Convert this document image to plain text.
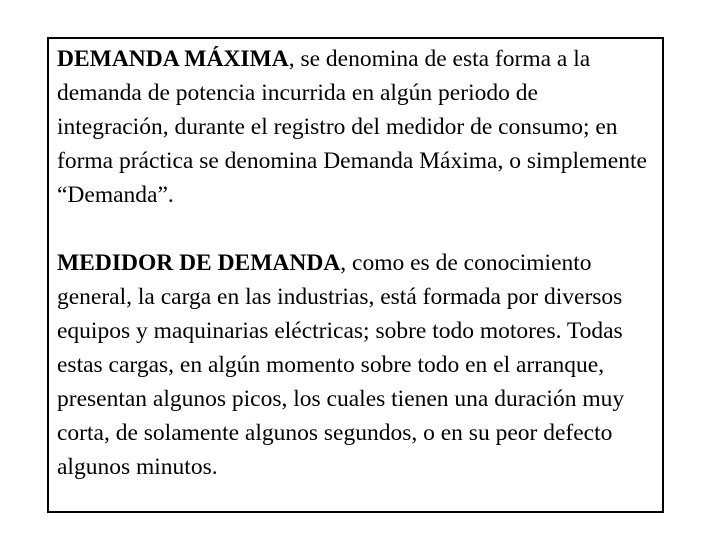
DEMANDA MÁXIMA, se denomina de esta forma a la demanda de potencia incurrida en algún periodo de integración, durante el registro del medidor de consumo; en forma práctica se denomina Demanda Máxima, o simplemente “Demanda”.

MEDIDOR DE DEMANDA, como es de conocimiento general, la carga en las industrias, está formada por diversos equipos y maquinarias eléctricas; sobre todo motores. Todas estas cargas, en algún momento sobre todo en el arranque, presentan algunos picos, los cuales tienen una duración muy corta, de solamente algunos segundos, o en su peor defecto algunos minutos.
